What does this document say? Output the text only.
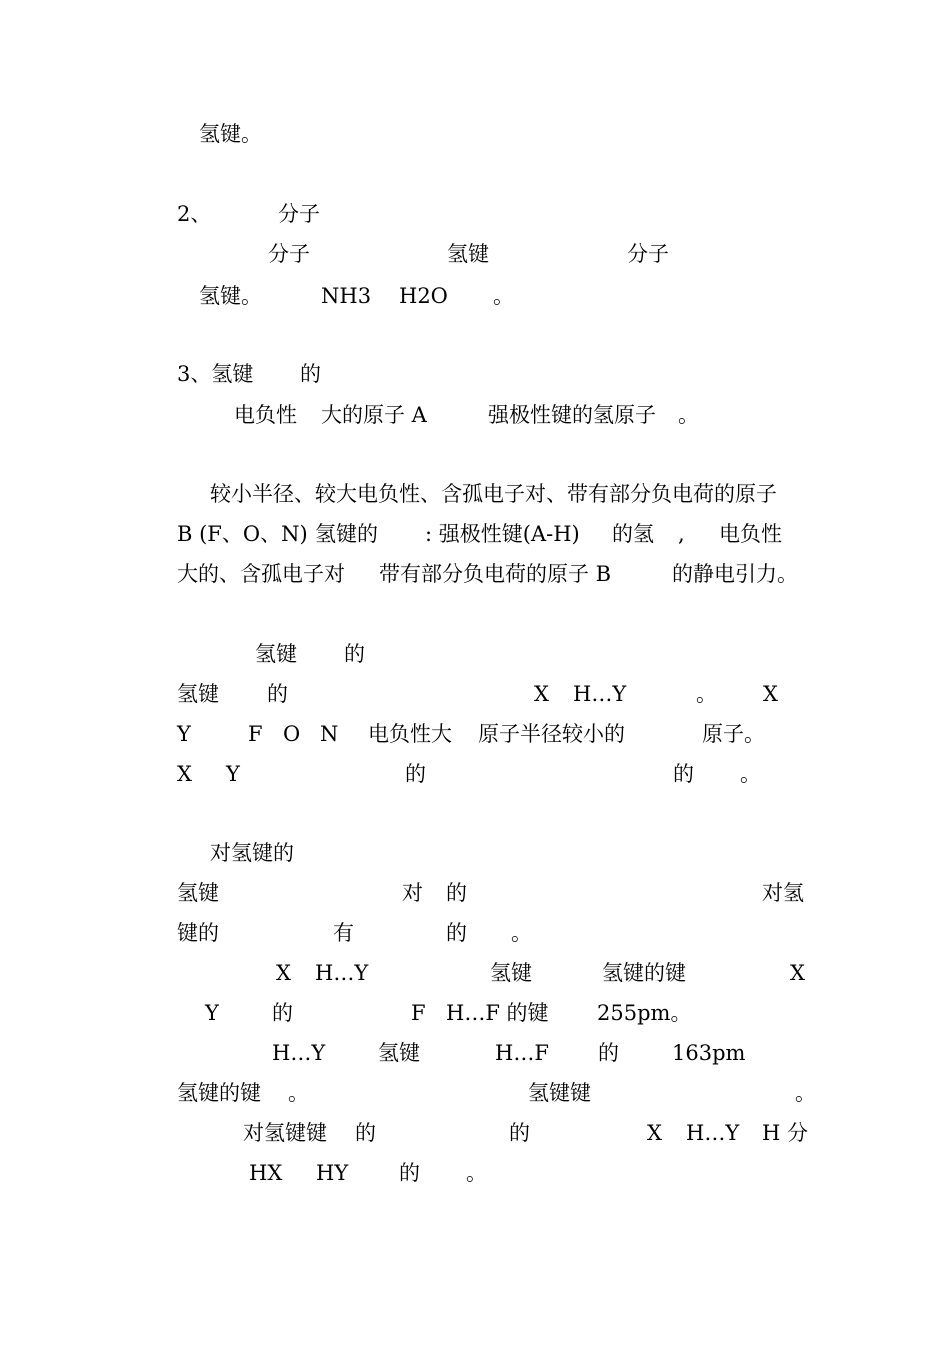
氢键。
2、	分子
分子	氢键	分子
氢键。	NH3 H2O 。
3、氢键 的
电负性 大的原子 A	强极性键的氢原子 。
较小半径、较大电负性、含孤电子对、带有部分负电荷的原子
B (F、O、N) 氢键的 : 强极性键(A-H) 的氢 , 电负性
大的、含孤电子对 带有部分负电荷的原子 B	的静电引力。
氢键 的
氢键 的	X H…Y	。 X
Y	F O N 电负性大 原子半径较小的	原子。
X Y	的	的 。
对氢键的
氢键	对 的	对氢
键的	有	的 。
X H…Y	氢键	氢键的键	X
Y	的	F H…F 的键 255pm。
H…Y	氢键	H…F 的	163pm
氢键的键 。	氢键键	。
对氢键键 的	的	X H…Y H 分
HX HY 的 。
